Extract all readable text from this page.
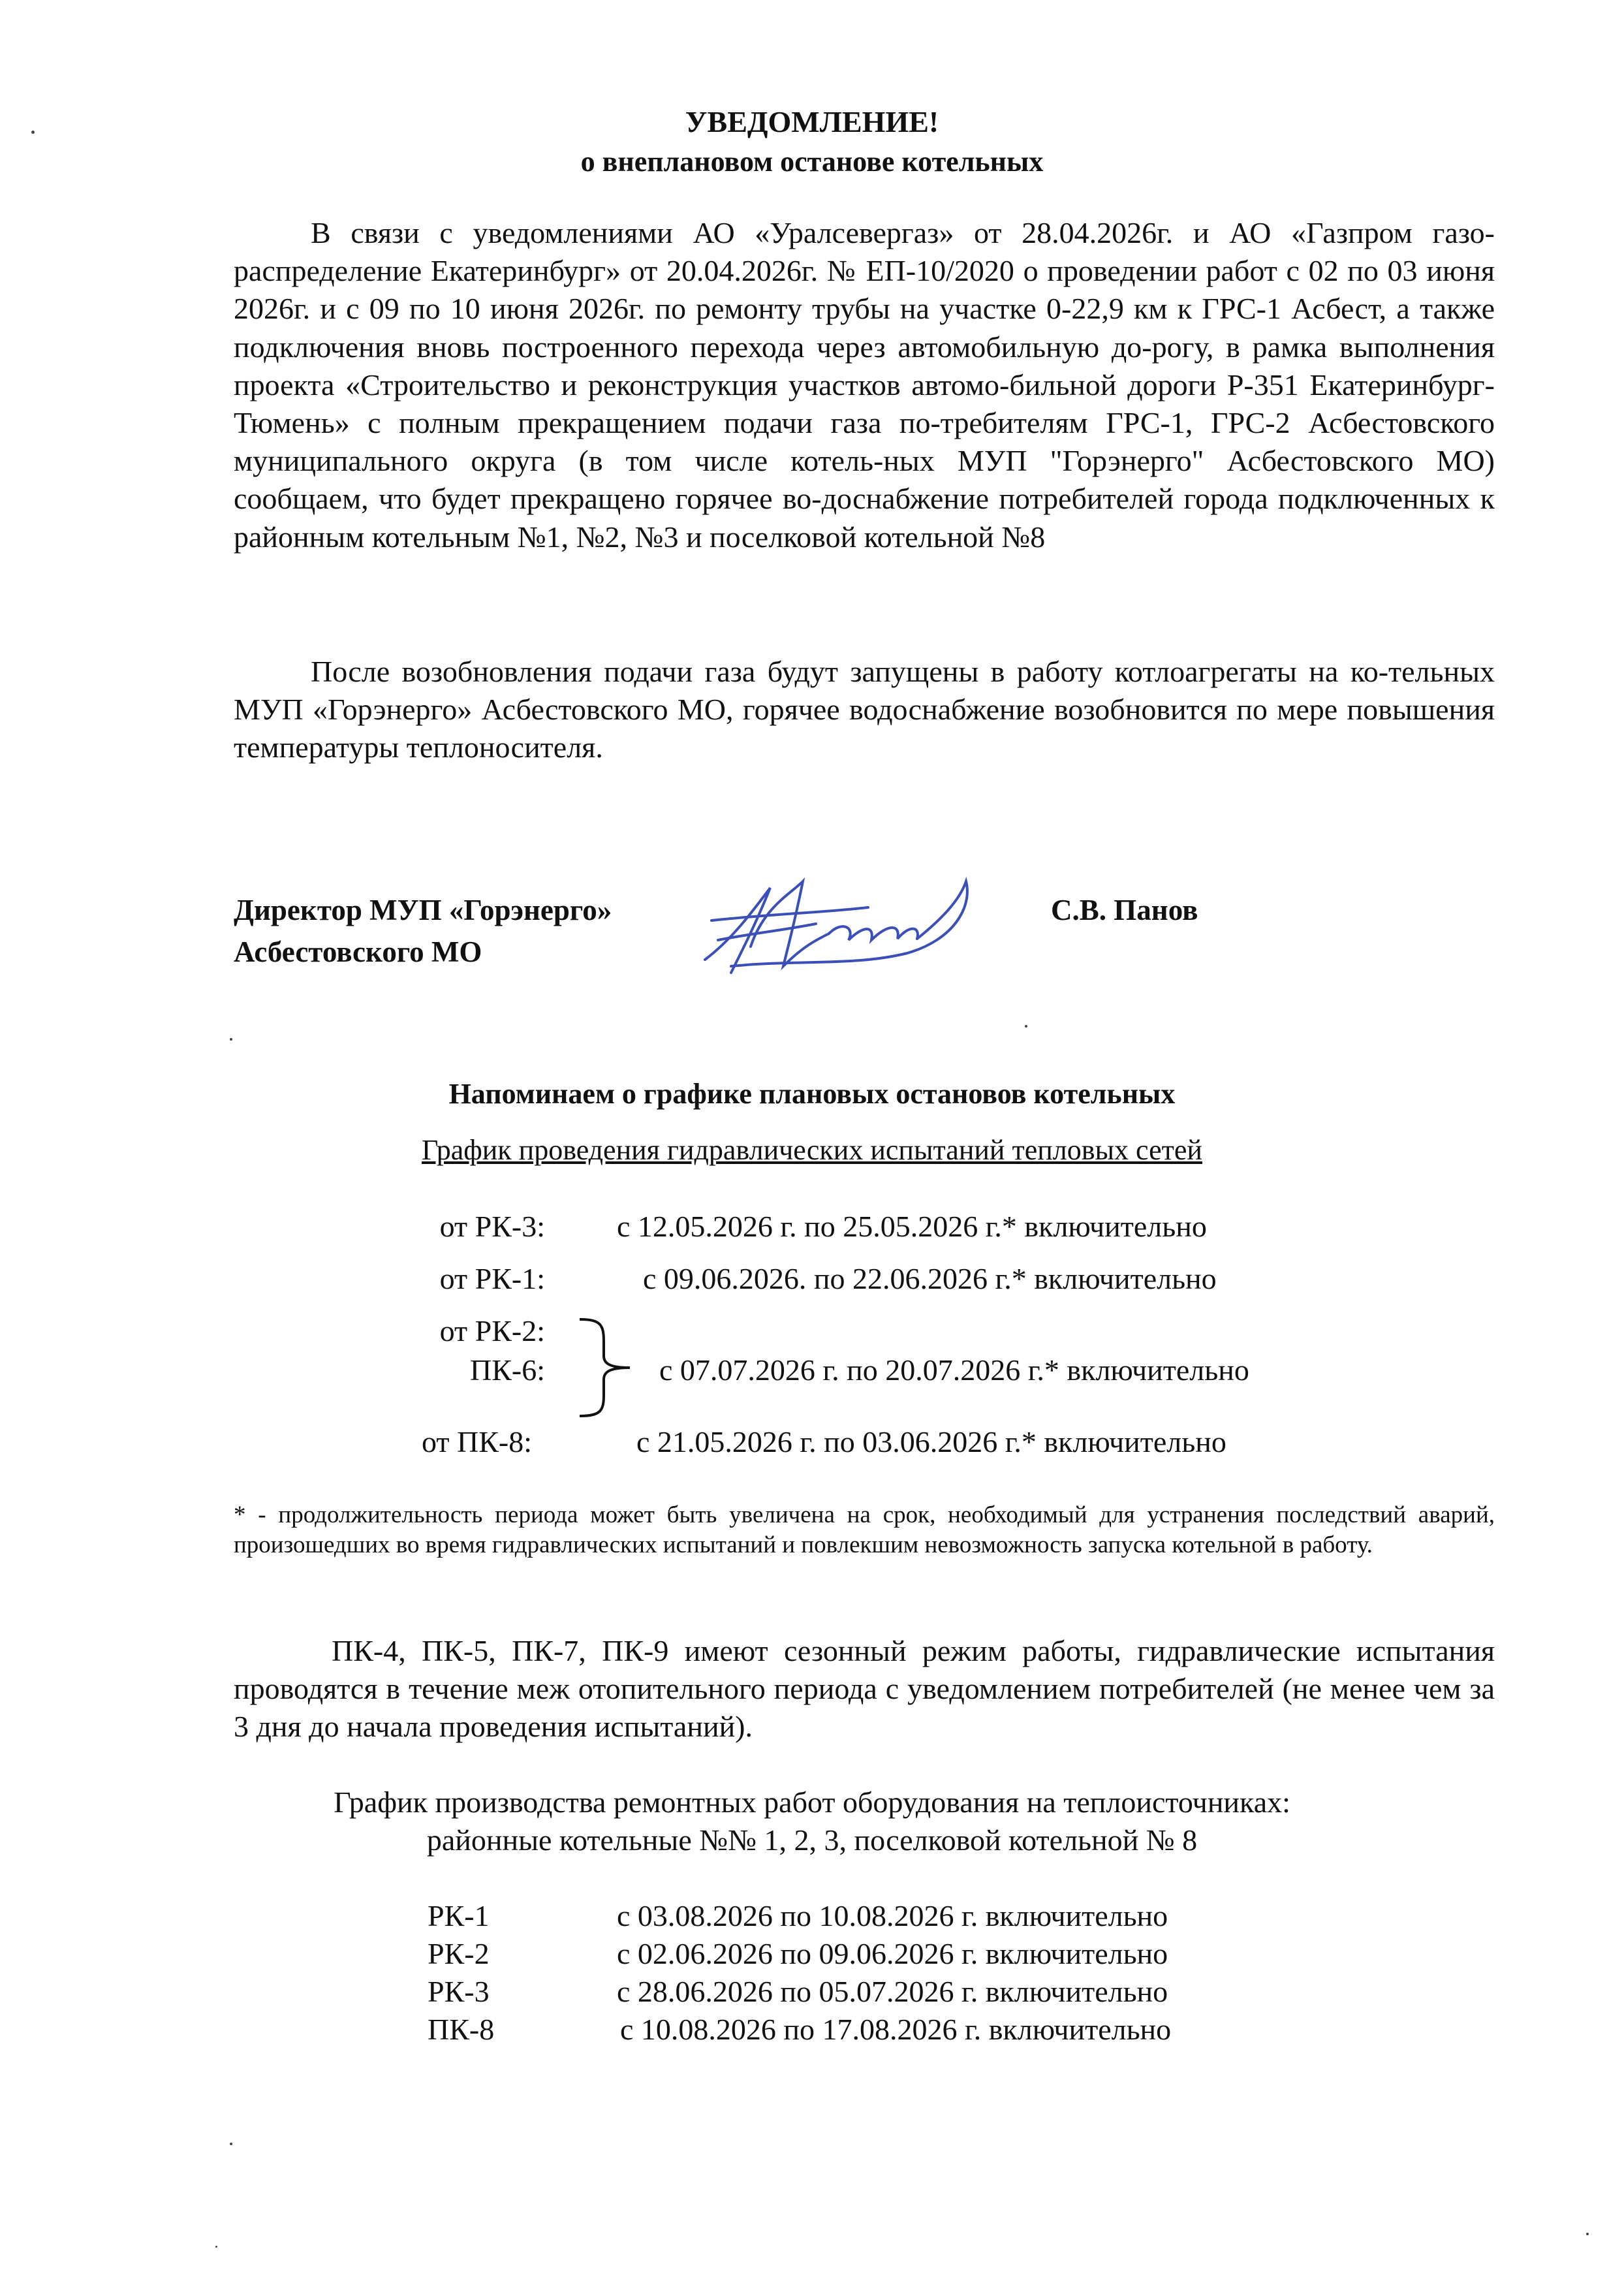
УВЕДОМЛЕНИЕ!
о внеплановом останове котельных

В связи с уведомлениями АО «Уралсевергаз» от 28.04.2026г. и АО «Газпром газо-распределение Екатеринбург» от 20.04.2026г. № ЕП-10/2020 о проведении работ с 02 по 03 июня 2026г. и с 09 по 10 июня 2026г. по ремонту трубы на участке 0-22,9 км к ГРС-1 Асбест, а также подключения вновь построенного перехода через автомобильную до-рогу, в рамка выполнения проекта «Строительство и реконструкция участков автомо-бильной дороги Р-351 Екатеринбург-Тюмень» с полным прекращением подачи газа по-требителям ГРС-1, ГРС-2 Асбестовского муниципального округа (в том числе котель-ных МУП "Горэнерго" Асбестовского МО) сообщаем, что будет прекращено горячее во-доснабжение потребителей города подключенных к районным котельным №1, №2, №3 и поселковой котельной №8

После возобновления подачи газа будут запущены в работу котлоагрегаты на ко-тельных МУП «Горэнерго» Асбестовского МО, горячее водоснабжение возобновится по мере повышения температуры теплоносителя.

Директор МУП «Горэнерго»
Асбестовского МО
С.В. Панов
Напоминаем о графике плановых остановов котельных
График проведения гидравлических испытаний тепловых сетей
от РК-3: с 12.05.2026 г. по 25.05.2026 г.* включительно
от РК-1:	с 09.06.2026. по 22.06.2026 г.* включительно
от РК-2:
ПК-6:	с 07.07.2026 г. по 20.07.2026 г.* включительно
от ПК-8:	с 21.05.2026 г. по 03.06.2026 г.* включительно
* - продолжительность периода может быть увеличена на срок, необходимый для устранения последствий аварий, произошедших во время гидравлических испытаний и повлекшим невозможность запуска котельной в работу.

ПК-4, ПК-5, ПК-7, ПК-9 имеют сезонный режим работы, гидравлические испытания проводятся в течение меж отопительного периода с уведомлением потребителей (не менее чем за 3 дня до начала проведения испытаний).

График производства ремонтных работ оборудования на теплоисточниках:
районные котельные №№ 1, 2, 3, поселковой котельной № 8
РК-1	с 03.08.2026 по 10.08.2026 г. включительно
РК-2	с 02.06.2026 по 09.06.2026 г. включительно
РК-3	с 28.06.2026 по 05.07.2026 г. включительно
ПК-8	с 10.08.2026 по 17.08.2026 г. включительно
